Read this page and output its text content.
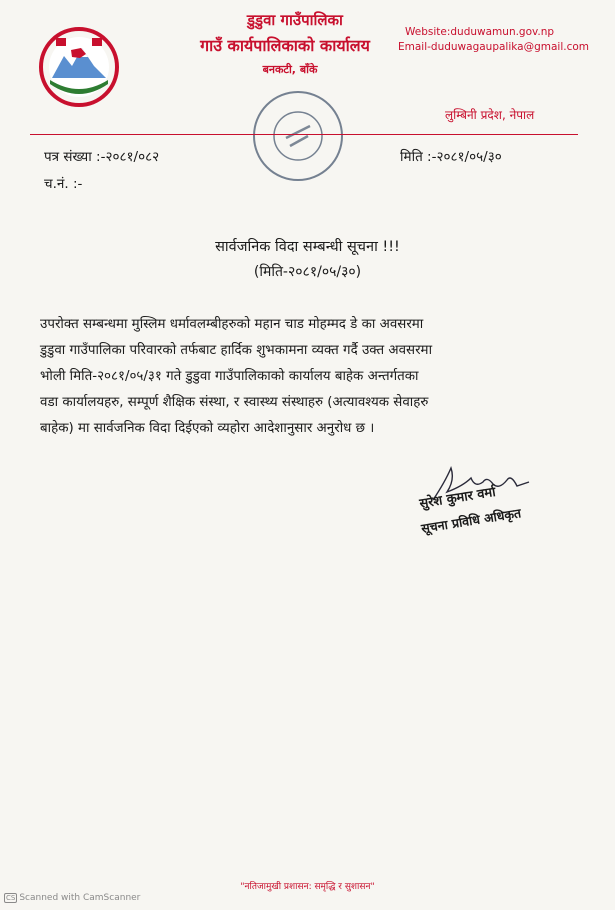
डुडुवा गाउँपालिका
गाउँ कार्यपालिकाको कार्यालय
बनकटी, बाँके
Website:duduwamun.gov.np
Email-duduwagaupalika@gmail.com
लुम्बिनी प्रदेश, नेपाल
पत्र संख्या :-२०८१/०८२
च.नं. :-
मिति :-२०८१/०५/३०
सार्वजनिक विदा सम्बन्धी सूचना !!!
(मिति-२०८१/०५/३०)
उपरोक्त सम्बन्धमा मुस्लिम धर्मावलम्बीहरुको महान चाड मोहम्मद डे का अवसरमा
डुडुवा गाउँपालिका परिवारको तर्फबाट हार्दिक शुभकामना व्यक्त गर्दै उक्त अवसरमा
भोली मिति-२०८१/०५/३१ गते डुडुवा गाउँपालिकाको कार्यालय बाहेक अन्तर्गतका
वडा कार्यालयहरु, सम्पूर्ण शैक्षिक संस्था, र स्वास्थ्य संस्थाहरु (अत्यावश्यक सेवाहरु
बाहेक) मा सार्वजनिक विदा दिईएको व्यहोरा आदेशानुसार अनुरोध छ ।
सुरेश कुमार वर्मा
सूचना प्रविधि अधिकृत
"नतिजामुखी प्रशासन: समृद्धि र सुशासन"
CS Scanned with CamScanner
